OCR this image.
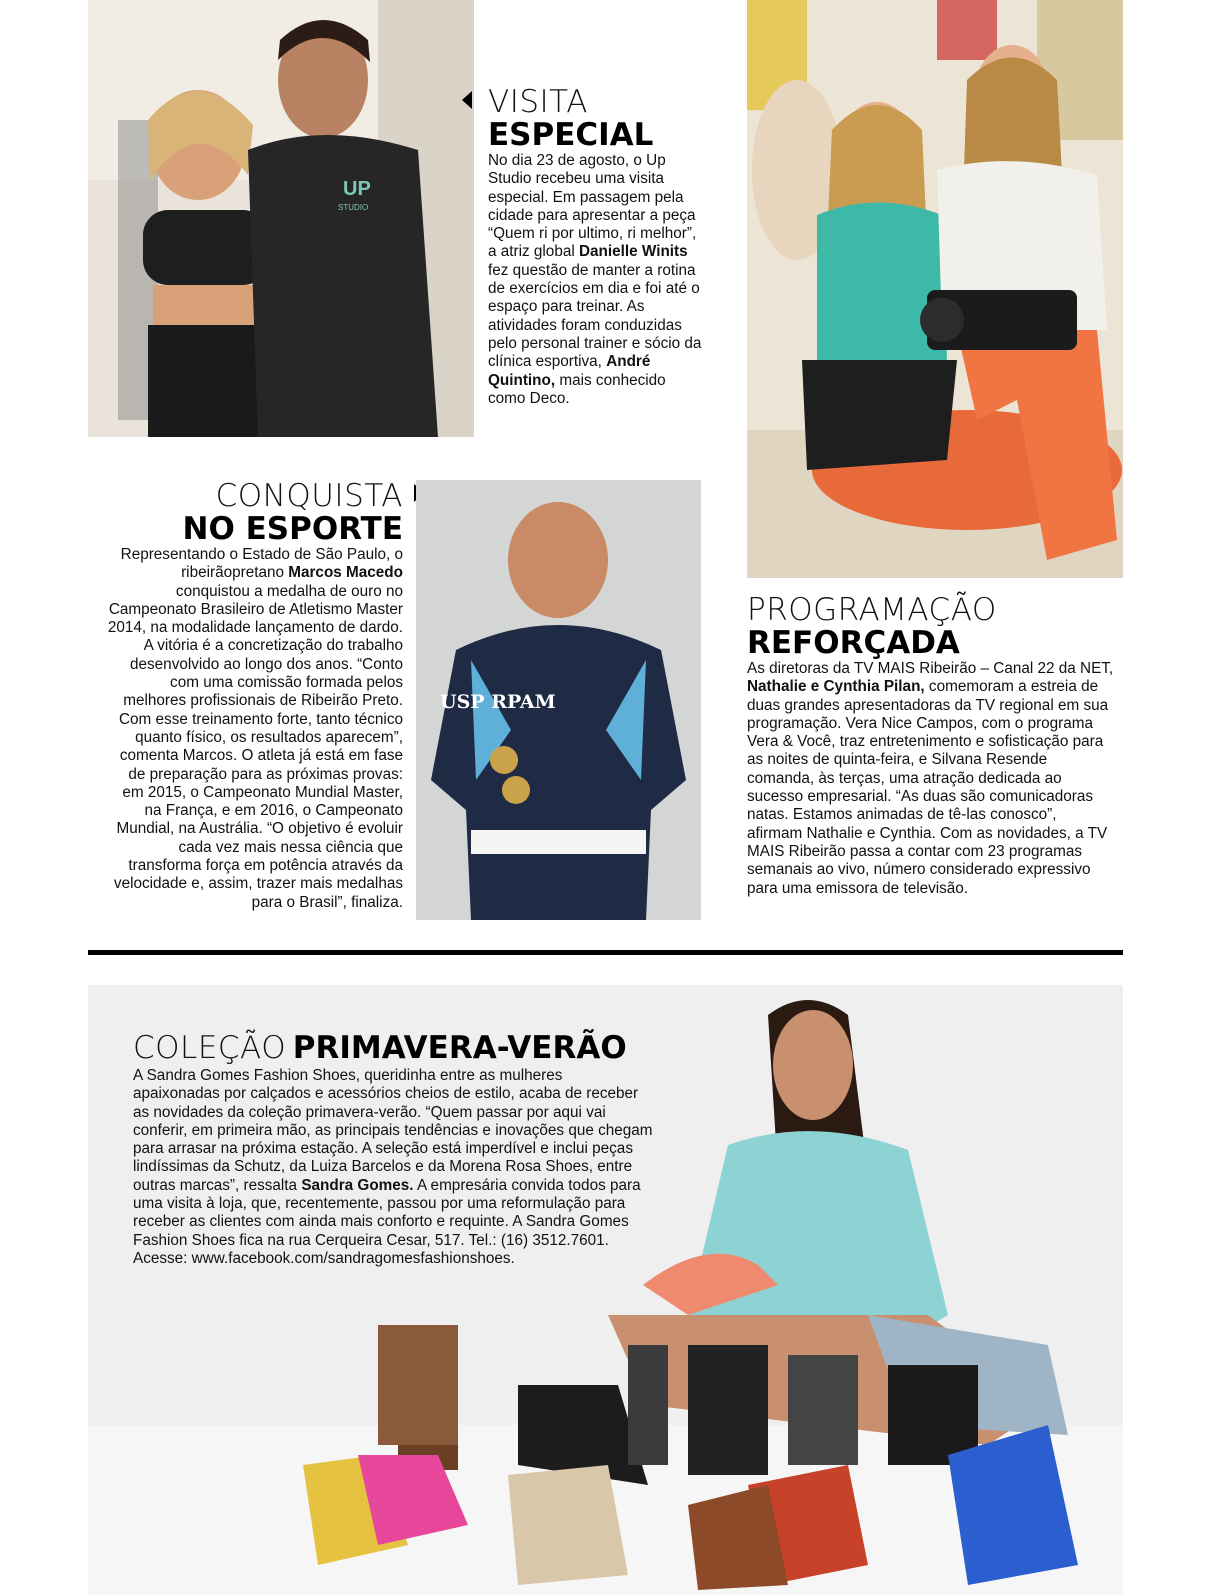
UP
STUDIO
VISITA
ESPECIAL

No dia 23 de agosto, o Up Studio recebeu uma visita especial. Em passagem pela cidade para apresentar a peça “Quem ri por ultimo, ri melhor”, a atriz global Danielle Winits fez questão de manter a rotina de exercícios em dia e foi até o espaço para treinar. As atividades foram conduzidas pelo personal trainer e sócio da clínica esportiva, André Quintino, mais conhecido como Deco.

CONQUISTA
NO ESPORTE

Representando o Estado de São Paulo, o ribeirãopretano Marcos Macedo conquistou a medalha de ouro no Campeonato Brasileiro de Atletismo Master 2014, na modalidade lançamento de dardo. A vitória é a concretização do trabalho desenvolvido ao longo dos anos. “Conto com uma comissão formada pelos melhores profissionais de Ribeirão Preto. Com esse treinamento forte, tanto técnico quanto físico, os resultados aparecem”, comenta Marcos. O atleta já está em fase de preparação para as próximas provas: em 2015, o Campeonato Mundial Master, na França, e em 2016, o Campeonato Mundial, na Austrália. “O objetivo é evoluir cada vez mais nessa ciência que transforma força em potência através da velocidade e, assim, trazer mais medalhas para o Brasil”, finaliza.

USP RPAM
PROGRAMAÇÃO
REFORÇADA

As diretoras da TV MAIS Ribeirão – Canal 22 da NET, Nathalie e Cynthia Pilan, comemoram a estreia de duas grandes apresentadoras da TV regional em sua programação. Vera Nice Campos, com o programa Vera & Você, traz entretenimento e sofisticação para as noites de quinta-feira, e Silvana Resende comanda, às terças, uma atração dedicada ao sucesso empresarial. “As duas são comunicadoras natas. Estamos animadas de tê-las conosco”, afirmam Nathalie e Cynthia. Com as novidades, a TV MAIS Ribeirão passa a contar com 23 programas semanais ao vivo, número considerado expressivo para uma emissora de televisão.

COLEÇÃO PRIMAVERA-VERÃO

A Sandra Gomes Fashion Shoes, queridinha entre as mulheres apaixonadas por calçados e acessórios cheios de estilo, acaba de receber as novidades da coleção primavera-verão. “Quem passar por aqui vai conferir, em primeira mão, as principais tendências e inovações que chegam para arrasar na próxima estação. A seleção está imperdível e inclui peças lindíssimas da Schutz, da Luiza Barcelos e da Morena Rosa Shoes, entre outras marcas”, ressalta Sandra Gomes. A empresária convida todos para uma visita à loja, que, recentemente, passou por uma reformulação para receber as clientes com ainda mais conforto e requinte. A Sandra Gomes Fashion Shoes fica na rua Cerqueira Cesar, 517. Tel.: (16) 3512.7601. Acesse: www.facebook.com/sandragomesfashionshoes.
